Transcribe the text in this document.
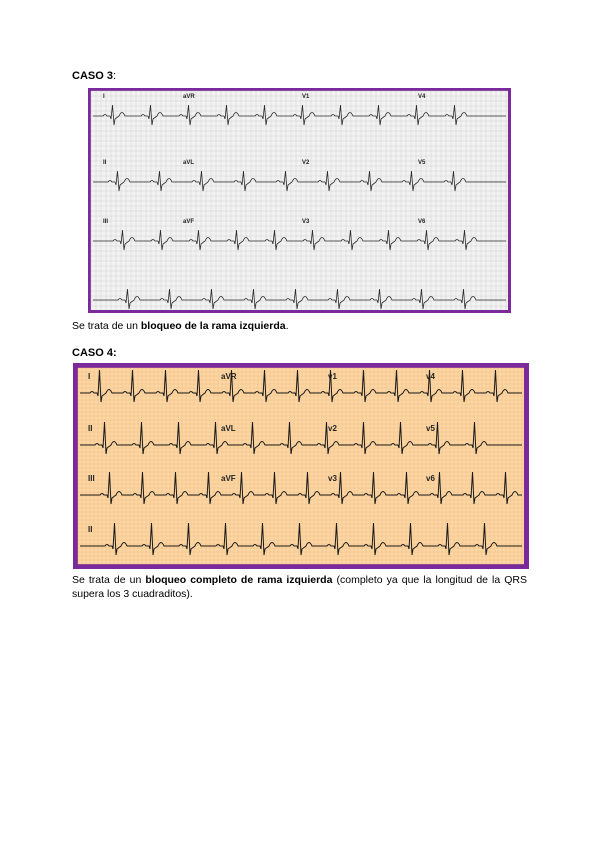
CASO 3:
I	aVR	V1	V4
II	aVL	V2	V5
III	aVF	V3	V6
Se trata de un bloqueo de la rama izquierda.
CASO 4:
I	aVR	v1	v4
II	aVL	v2	v5
III	aVF	v3	v6
II
Se trata de un bloqueo completo de rama izquierda (completo ya que la longitud de la QRS supera los 3 cuadraditos).
